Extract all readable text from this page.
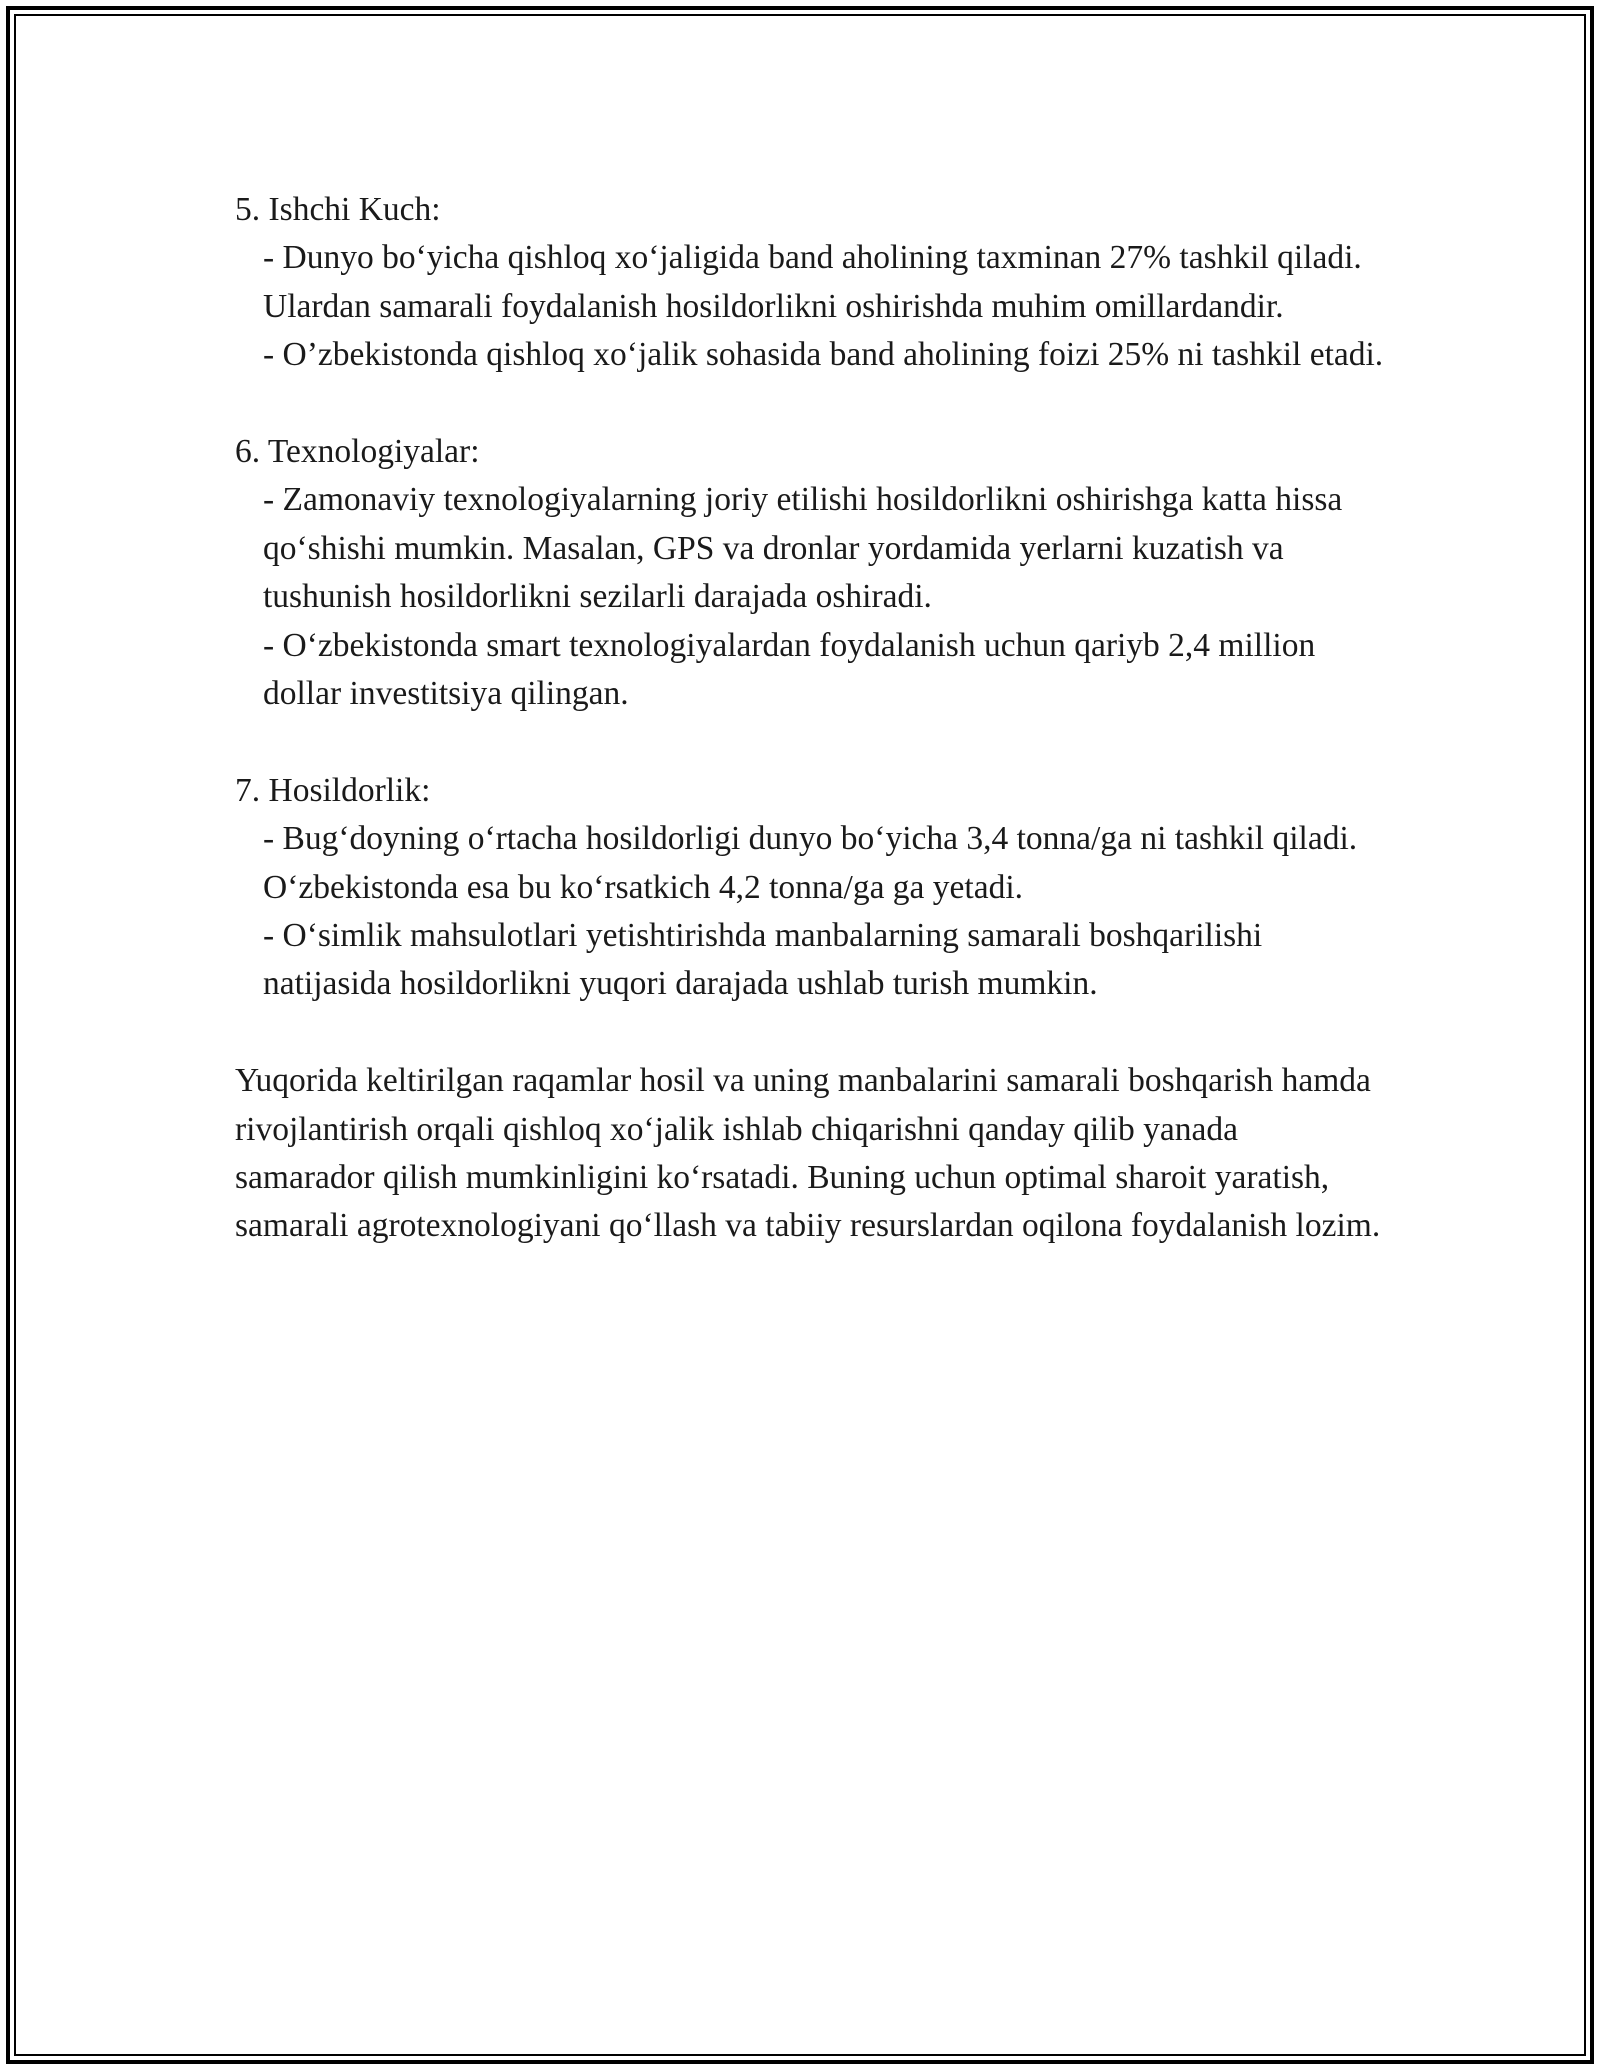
5. Ishchi Kuch:

- Dunyo bo‘yicha qishloq xo‘jaligida band aholining taxminan 27% tashkil qiladi. Ulardan samarali foydalanish hosildorlikni oshirishda muhim omillardandir.

- O’zbekistonda qishloq xo‘jalik sohasida band aholining foizi 25% ni tashkil etadi.

6. Texnologiyalar:

- Zamonaviy texnologiyalarning joriy etilishi hosildorlikni oshirishga katta hissa qo‘shishi mumkin. Masalan, GPS va dronlar yordamida yerlarni kuzatish va tushunish hosildorlikni sezilarli darajada oshiradi.

- O‘zbekistonda smart texnologiyalardan foydalanish uchun qariyb 2,4 million dollar investitsiya qilingan.

7. Hosildorlik:

- Bug‘doyning o‘rtacha hosildorligi dunyo bo‘yicha 3,4 tonna/ga ni tashkil qiladi. O‘zbekistonda esa bu ko‘rsatkich 4,2 tonna/ga ga yetadi.

- O‘simlik mahsulotlari yetishtirishda manbalarning samarali boshqarilishi natijasida hosildorlikni yuqori darajada ushlab turish mumkin.

Yuqorida keltirilgan raqamlar hosil va uning manbalarini samarali boshqarish hamda rivojlantirish orqali qishloq xo‘jalik ishlab chiqarishni qanday qilib yanada samarador qilish mumkinligini ko‘rsatadi. Buning uchun optimal sharoit yaratish, samarali agrotexnologiyani qo‘llash va tabiiy resurslardan oqilona foydalanish lozim.
